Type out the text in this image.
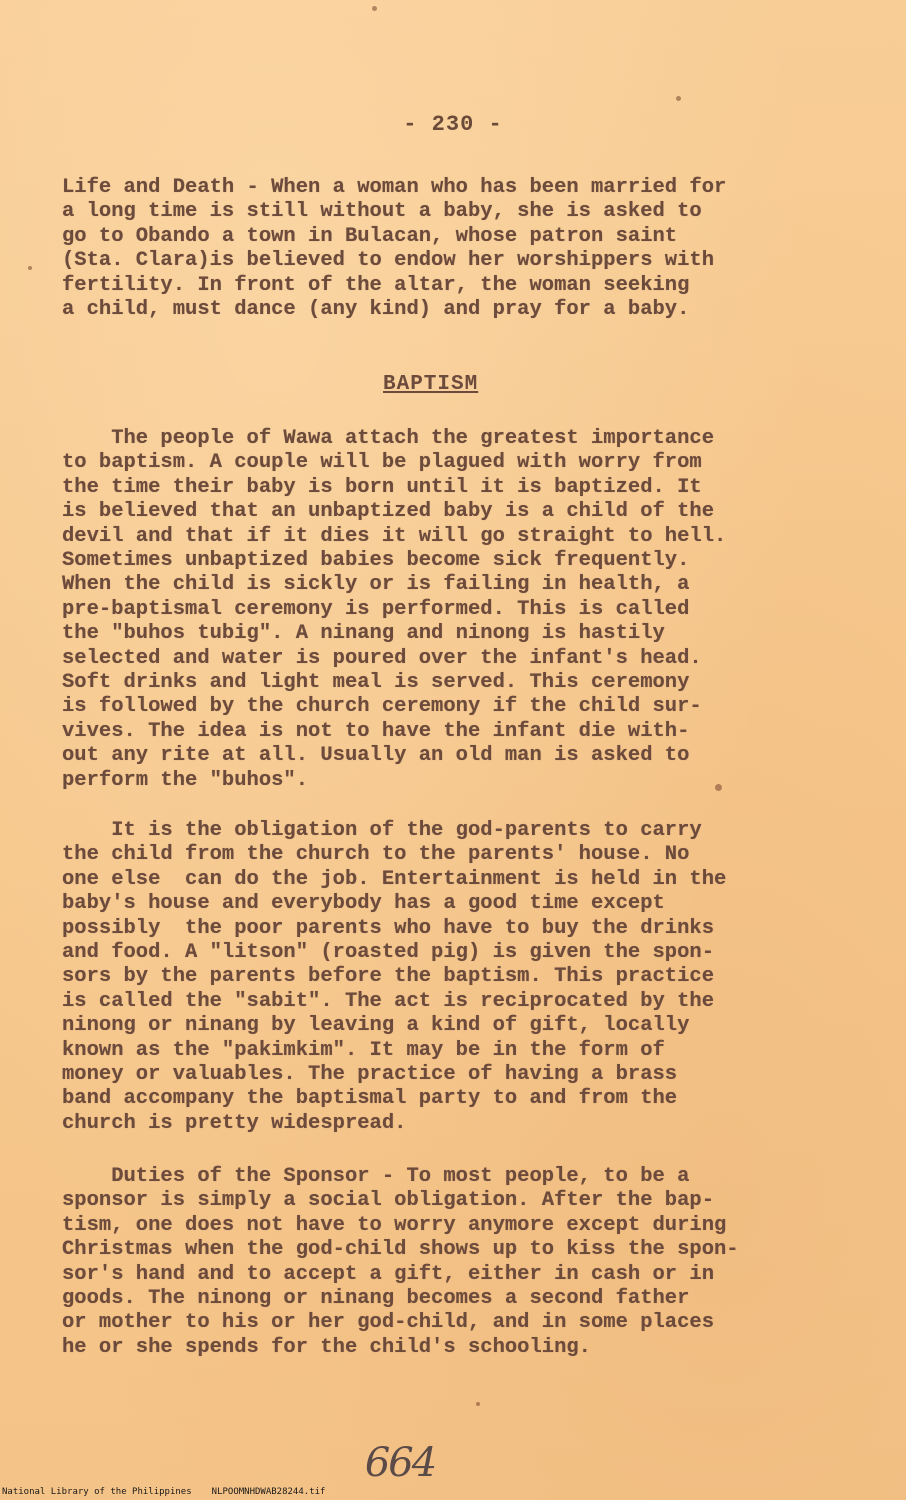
- 230 -
Life and Death - When a woman who has been married for
a long time is still without a baby, she is asked to
go to Obando a town in Bulacan, whose patron saint
(Sta. Clara)is believed to endow her worshippers with
fertility. In front of the altar, the woman seeking
a child, must dance (any kind) and pray for a baby.
BAPTISM
The people of Wawa attach the greatest importance
to baptism. A couple will be plagued with worry from
the time their baby is born until it is baptized. It
is believed that an unbaptized baby is a child of the
devil and that if it dies it will go straight to hell.
Sometimes unbaptized babies become sick frequently.
When the child is sickly or is failing in health, a
pre-baptismal ceremony is performed. This is called
the "buhos tubig". A ninang and ninong is hastily
selected and water is poured over the infant's head.
Soft drinks and light meal is served. This ceremony
is followed by the church ceremony if the child sur-
vives. The idea is not to have the infant die with-
out any rite at all. Usually an old man is asked to
perform the "buhos".
It is the obligation of the god-parents to carry
the child from the church to the parents' house. No
one else  can do the job. Entertainment is held in the
baby's house and everybody has a good time except
possibly  the poor parents who have to buy the drinks
and food. A "litson" (roasted pig) is given the spon-
sors by the parents before the baptism. This practice
is called the "sabit". The act is reciprocated by the
ninong or ninang by leaving a kind of gift, locally
known as the "pakimkim". It may be in the form of
money or valuables. The practice of having a brass
band accompany the baptismal party to and from the
church is pretty widespread.
Duties of the Sponsor - To most people, to be a
sponsor is simply a social obligation. After the bap-
tism, one does not have to worry anymore except during
Christmas when the god-child shows up to kiss the spon-
sor's hand and to accept a gift, either in cash or in
goods. The ninong or ninang becomes a second father
or mother to his or her god-child, and in some places
he or she spends for the child's schooling.
664
National Library of the Philippines NLPOOMNHDWAB28244.tif
